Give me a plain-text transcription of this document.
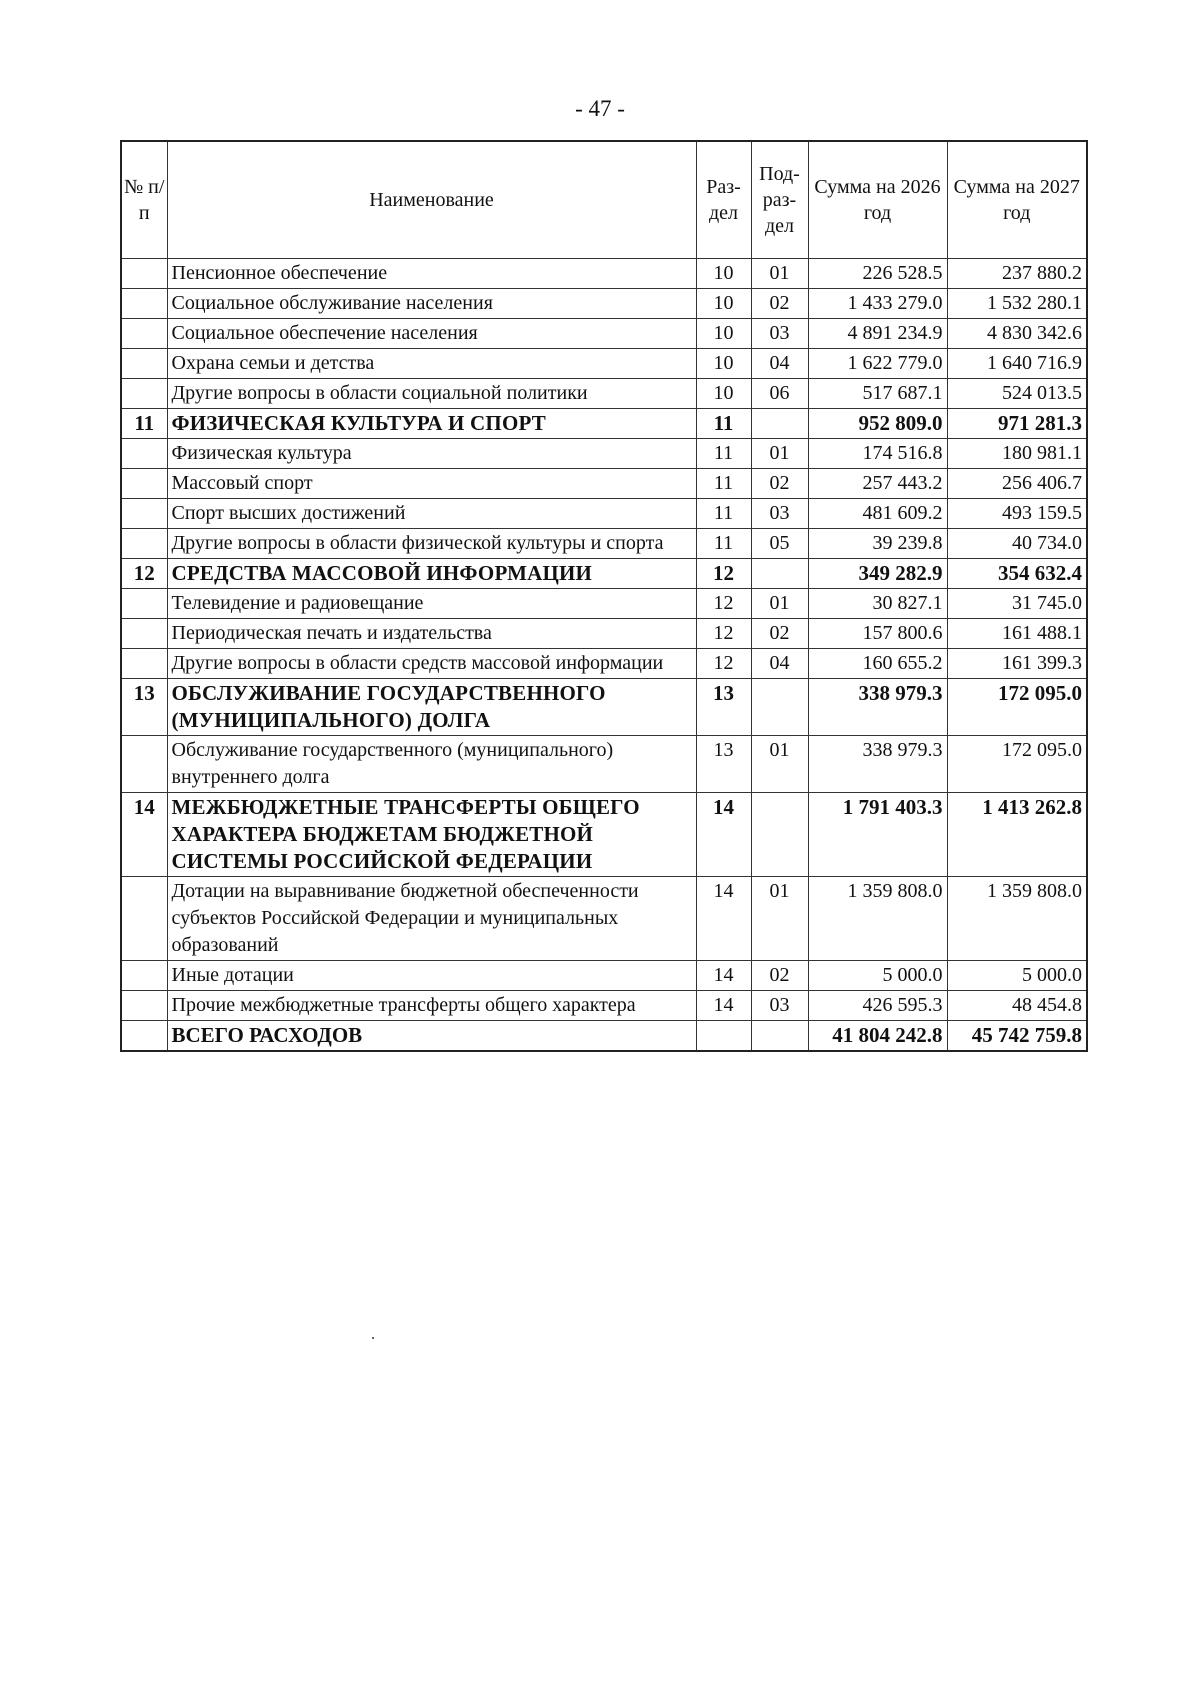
- 47 -
№ п/п	Наименование	Раз-дел	Под-раз-дел	Сумма на 2026 год	Сумма на 2027 год
	Пенсионное обеспечение	10	01	226 528.5	237 880.2
	Социальное обслуживание населения	10	02	1 433 279.0	1 532 280.1
	Социальное обеспечение населения	10	03	4 891 234.9	4 830 342.6
	Охрана семьи и детства	10	04	1 622 779.0	1 640 716.9
	Другие вопросы в области социальной политики	10	06	517 687.1	524 013.5
11	ФИЗИЧЕСКАЯ КУЛЬТУРА И СПОРТ	11		952 809.0	971 281.3
	Физическая культура	11	01	174 516.8	180 981.1
	Массовый спорт	11	02	257 443.2	256 406.7
	Спорт высших достижений	11	03	481 609.2	493 159.5
	Другие вопросы в области физической культуры и спорта	11	05	39 239.8	40 734.0
12	СРЕДСТВА МАССОВОЙ ИНФОРМАЦИИ	12		349 282.9	354 632.4
	Телевидение и радиовещание	12	01	30 827.1	31 745.0
	Периодическая печать и издательства	12	02	157 800.6	161 488.1
	Другие вопросы в области средств массовой информации	12	04	160 655.2	161 399.3
13	ОБСЛУЖИВАНИЕ ГОСУДАРСТВЕННОГО (МУНИЦИПАЛЬНОГО) ДОЛГА	13		338 979.3	172 095.0
	Обслуживание государственного (муниципального) внутреннего долга	13	01	338 979.3	172 095.0
14	МЕЖБЮДЖЕТНЫЕ ТРАНСФЕРТЫ ОБЩЕГО ХАРАКТЕРА БЮДЖЕТАМ БЮДЖЕТНОЙ СИСТЕМЫ РОССИЙСКОЙ ФЕДЕРАЦИИ	14		1 791 403.3	1 413 262.8
	Дотации на выравнивание бюджетной обеспеченности субъектов Российской Федерации и муниципальных образований	14	01	1 359 808.0	1 359 808.0
	Иные дотации	14	02	5 000.0	5 000.0
	Прочие межбюджетные трансферты общего характера	14	03	426 595.3	48 454.8
	ВСЕГО РАСХОДОВ			41 804 242.8	45 742 759.8
